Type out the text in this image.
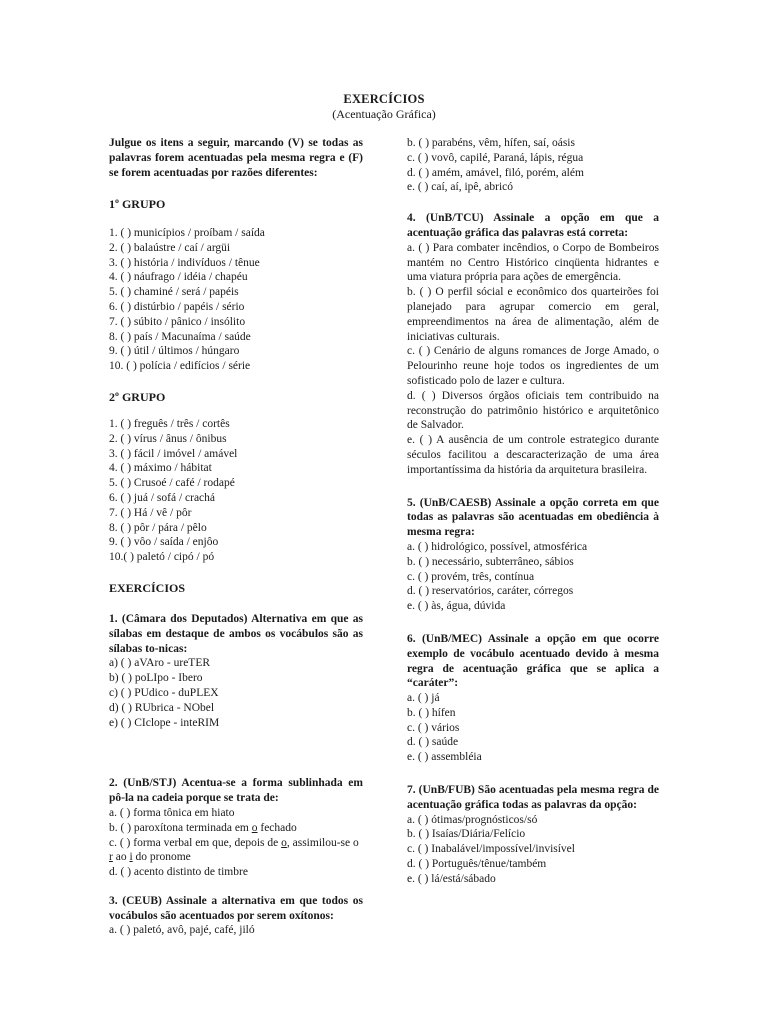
EXERCÍCIOS
(Acentuação Gráfica)
Julgue os itens a seguir, marcando (V) se todas as palavras forem acentuadas pela mesma regra e (F) se forem acentuadas por razões diferentes:
1º GRUPO
1. ( ) municípios / proíbam / saída
2. ( ) balaústre / caí / argüi
3. ( ) história / indivíduos / tênue
4. ( ) náufrago / idéia / chapéu
5. ( ) chaminé / será / papéis
6. ( ) distúrbio / papéis / sério
7. ( ) súbito / pânico / insólito
8. ( ) país / Macunaíma / saúde
9. ( ) útil / últimos / húngaro
10. ( ) polícia / edifícios / série
2º GRUPO
1. ( ) freguês / três / cortês
2. ( ) vírus / ânus / ônibus
3. ( ) fácil / imóvel / amável
4. ( ) máximo / hábitat
5. ( ) Crusoé / café / rodapé
6. ( ) juá / sofá / crachá
7. ( ) Há / vê / pôr
8. ( ) pôr / pára / pêlo
9. ( ) vôo / saída / enjôo
10.( ) paletó / cipó / pó
EXERCÍCIOS
1. (Câmara dos Deputados) Alternativa em que as sílabas em destaque de ambos os vocábulos são as sílabas to-nicas:
a) ( ) aVAro - ureTER
b) ( ) poLIpo - Ibero
c) ( ) PUdico - duPLEX
d) ( ) RUbrica - NObel
e) ( ) CIclope - inteRIM
2. (UnB/STJ) Acentua-se a forma sublinhada em pô-la na cadeia porque se trata de:
a. ( ) forma tônica em hiato
b. ( ) paroxítona terminada em o fechado
c. ( ) forma verbal em que, depois de o, assimilou-se o r ao i do pronome
d. ( ) acento distinto de timbre
3. (CEUB) Assinale a alternativa em que todos os vocábulos são acentuados por serem oxítonos:
a. ( ) paletó, avô, pajé, café, jiló
b. ( ) parabéns, vêm, hífen, saí, oásis
c. ( ) vovô, capilé, Paraná, lápis, régua
d. ( ) amém, amável, filó, porém, além
e. ( ) caí, aí, ipê, abricó
4. (UnB/TCU) Assinale a opção em que a acentuação gráfica das palavras está correta:
a. ( ) Para combater incêndios, o Corpo de Bombeiros mantém no Centro Histórico cinqüenta hidrantes e uma viatura própria para ações de emergência.
b. ( ) O perfil sócial e econômico dos quarteirões foi planejado para agrupar comercio em geral, empreendimentos na área de alimentação, além de iniciativas culturais.
c. ( ) Cenário de alguns romances de Jorge Amado, o Pelourinho reune hoje todos os ingredientes de um sofisticado polo de lazer e cultura.
d. ( ) Diversos órgãos oficiais tem contribuido na reconstrução do patrimônio histórico e arquitetônico de Salvador.
e. ( ) A ausência de um controle estrategico durante séculos facilitou a descaracterização de uma área importantíssima da história da arquitetura brasileira.
5. (UnB/CAESB) Assinale a opção correta em que todas as palavras são acentuadas em obediência à mesma regra:
a. ( ) hidrológico, possível, atmosférica
b. ( ) necessário, subterrâneo, sábios
c. ( ) provém, três, contínua
d. ( ) reservatórios, caráter, córregos
e. ( ) às, água, dúvida
6. (UnB/MEC) Assinale a opção em que ocorre exemplo de vocábulo acentuado devido à mesma regra de acentuação gráfica que se aplica a “caráter”:
a. ( ) já
b. ( ) hífen
c. ( ) vários
d. ( ) saúde
e. ( ) assembléia
7. (UnB/FUB) São acentuadas pela mesma regra de acentuação gráfica todas as palavras da opção:
a. ( ) ótimas/prognósticos/só
b. ( ) Isaías/Diária/Felício
c. ( ) Inabalável/impossível/invisível
d. ( ) Português/tênue/também
e. ( ) lá/está/sábado
